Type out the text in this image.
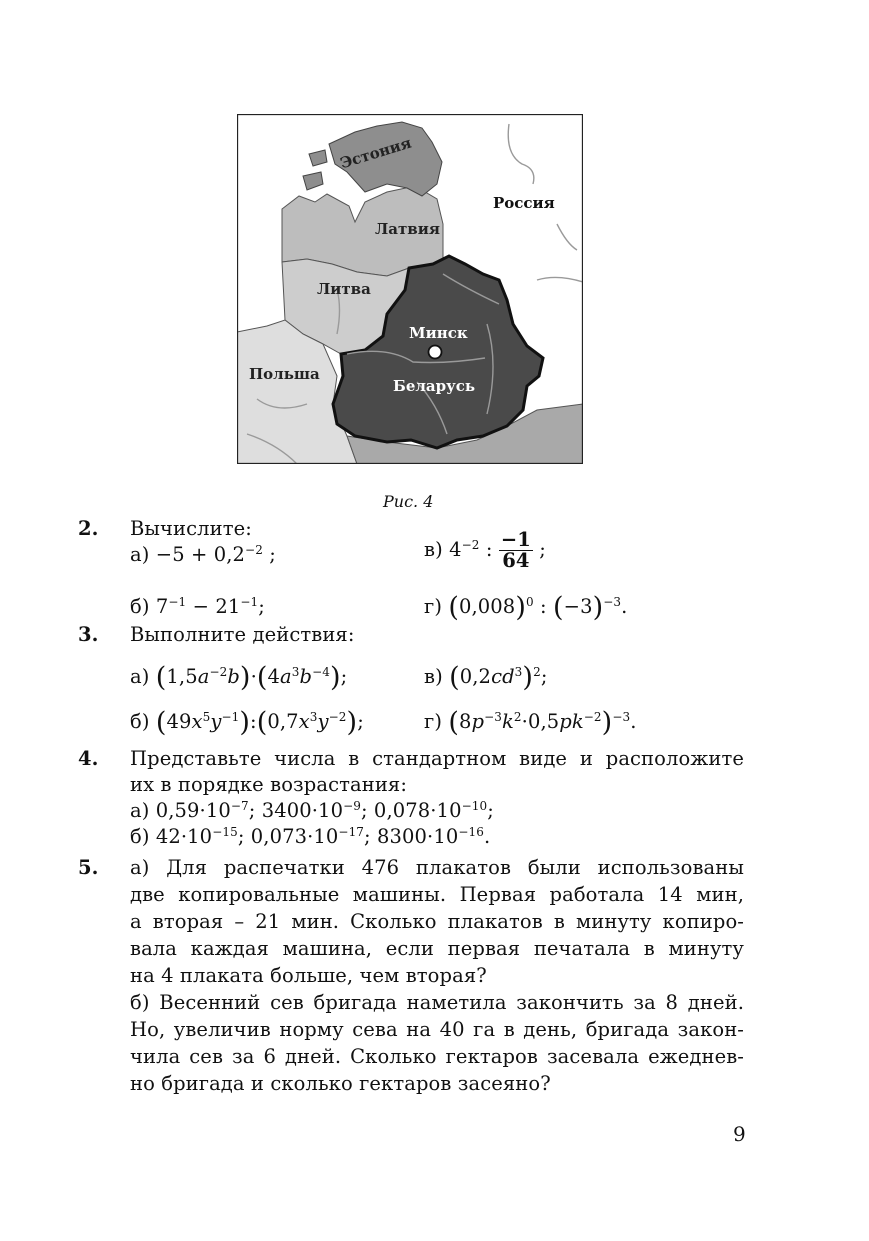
Эстония
Россия
Латвия
Литва
Минск
Польша
Беларусь
Рис. 4
2. Вычислите:
$а) -5 + 0,2^{-2}$ ;	в) $4^{-2}$ : $\frac{-1}{64}$ ;
б) $7^{-1} - 21^{-1}$;	г) $(0,008)^0$ : $(-3)^{-3}$.
3. Выполните действия:
а) $(1,5a^{-2}b)\cdot(4a^3b^{-4})$;	в) $(0,2cd^3)^2$;
б) $(49x^5y^{-1}):(0,7x^3y^{-2})$;	г) $(8p^{-3}k^2\cdot 0,5pk^{-2})^{-3}$.
4. Представьте числа в стандартном виде и расположите
их в порядке возрастания:
а) $0,59\cdot 10^{-7}$; $3400\cdot 10^{-9}$; $0,078\cdot 10^{-10}$;
б) $42\cdot 10^{-15}$; $0,073\cdot 10^{-17}$; $8300\cdot 10^{-16}$.
5. а) Для распечатки 476 плакатов были использованы
две копировальные машины. Первая работала 14 мин,
а вторая – 21 мин. Сколько плакатов в минуту копиро-
вала каждая машина, если первая печатала в минуту
на 4 плаката больше, чем вторая?
б) Весенний сев бригада наметила закончить за 8 дней.
Но, увеличив норму сева на 40 га в день, бригада закон-
чила сев за 6 дней. Сколько гектаров засевала ежеднев-
но бригада и сколько гектаров засеяно?
9
